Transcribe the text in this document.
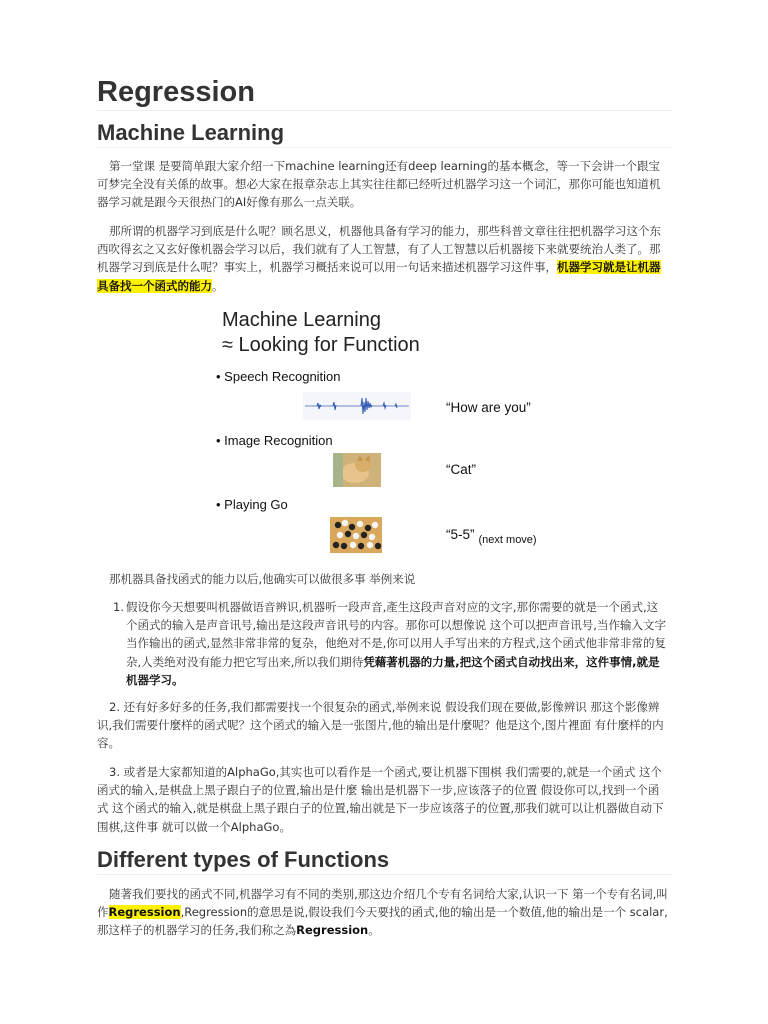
Regression
Machine Learning

第一堂课 是要简单跟大家介绍一下machine learning还有deep learning的基本概念，等一下会讲一个跟宝可梦完全没有关係的故事。想必大家在报章杂志上其实往往都已经听过机器学习这一个词汇，那你可能也知道机器学习就是跟今天很热门的AI好像有那么一点关联。

那所谓的机器学习到底是什么呢？顾名思义，机器他具备有学习的能力，那些科普文章往往把机器学习这个东西吹得玄之又玄好像机器会学习以后，我们就有了人工智慧，有了人工智慧以后机器接下来就要统治人类了。那机器学习到底是什么呢？事实上，机器学习概括来说可以用一句话来描述机器学习这件事，机器学习就是让机器具备找一个函式的能力。

Machine Learning
≈ Looking for Function
• Speech Recognition
“How are you”
• Image Recognition
“Cat”
• Playing Go
“5-5” $_{(next move)}$

那机器具备找函式的能力以后,他确实可以做很多事 举例来说

1. 假设你今天想要叫机器做语音辨识,机器听一段声音,產生这段声音对应的文字,那你需要的就是一个函式,这个函式的输入是声音讯号,输出是这段声音讯号的内容。那你可以想像说 这个可以把声音讯号,当作输入文字当作输出的函式,显然非常非常的复杂，他绝对不是,你可以用人手写出来的方程式,这个函式他非常非常的复杂,人类绝对没有能力把它写出来,所以我们期待凭藉著机器的力量,把这个函式自动找出来，这件事情,就是机器学习。

2. 还有好多好多的任务,我们都需要找一个很复杂的函式,举例来说 假设我们现在要做,影像辨识 那这个影像辨识,我们需要什麼样的函式呢？这个函式的输入是一张图片,他的输出是什麼呢？他是这个,图片裡面 有什麼样的内容。

3. 或者是大家都知道的AlphaGo,其实也可以看作是一个函式,要让机器下围棋 我们需要的,就是一个函式 这个函式的输入,是棋盘上黑子跟白子的位置,输出是什麼 输出是机器下一步,应该落子的位置 假设你可以,找到一个函式 这个函式的输入,就是棋盘上黑子跟白子的位置,输出就是下一步应该落子的位置,那我们就可以让机器做自动下围棋,这件事 就可以做一个AlphaGo。

Different types of Functions

随著我们要找的函式不同,机器学习有不同的类别,那这边介绍几个专有名词给大家,认识一下 第一个专有名词,叫作Regression,Regression的意思是说,假设我们今天要找的函式,他的输出是一个数值,他的输出是一个 scalar,那这样子的机器学习的任务,我们称之為Regression。
